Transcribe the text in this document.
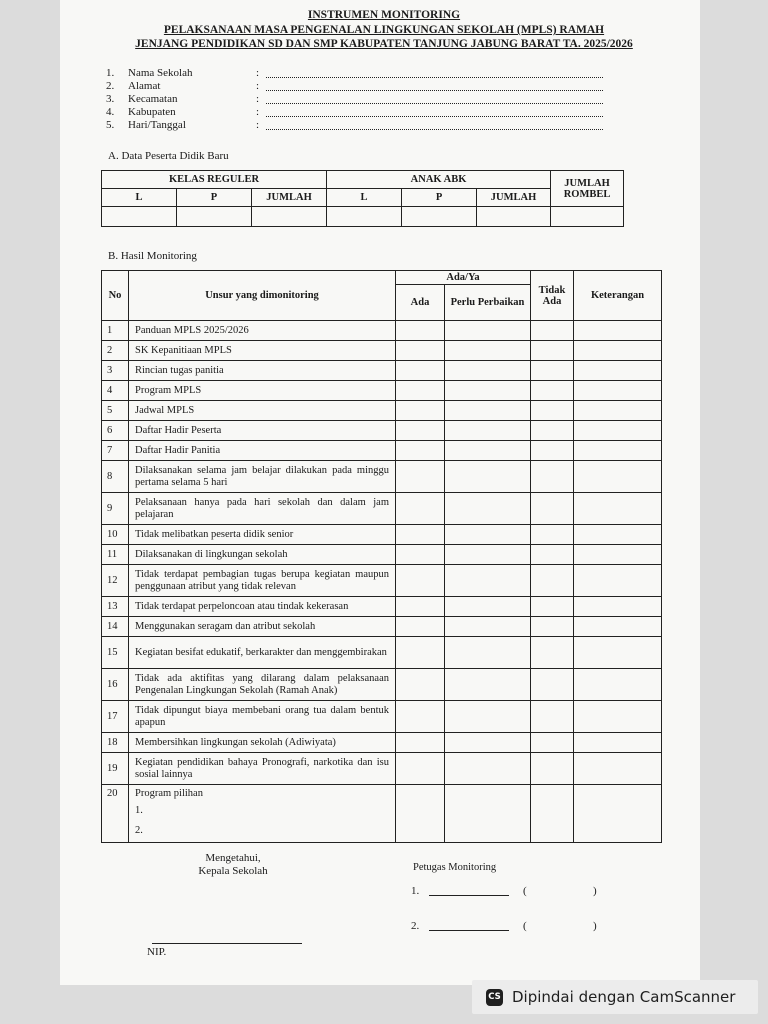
INSTRUMEN MONITORING
PELAKSANAAN MASA PENGENALAN LINGKUNGAN SEKOLAH (MPLS) RAMAH
JENJANG PENDIDIKAN SD DAN SMP KABUPATEN TANJUNG JABUNG BARAT TA. 2025/2026
1. Nama Sekolah	:
2. Alamat	:
3. Kecamatan	:
4. Kabupaten	:
5. Hari/Tanggal	:
A. Data Peserta Didik Baru
KELAS REGULER			ANAK ABK			JUMLAH ROMBEL
L	P	JUMLAH	L	P	JUMLAH	

B. Hasil Monitoring
No	Unsur yang dimonitoring	Ada/Ya		Tidak Ada	Keterangan
		Ada	Perlu Perbaikan		
1	Panduan MPLS 2025/2026				
2	SK Kepanitiaan MPLS				
3	Rincian tugas panitia				
4	Program MPLS				
5	Jadwal MPLS				
6	Daftar Hadir Peserta				
7	Daftar Hadir Panitia				
8	Dilaksanakan selama jam belajar dilakukan pada minggu pertama selama 5 hari				
9	Pelaksanaan hanya pada hari sekolah dan dalam jam pelajaran				
10	Tidak melibatkan peserta didik senior				
11	Dilaksanakan di lingkungan sekolah				
12	Tidak terdapat pembagian tugas berupa kegiatan maupun penggunaan atribut yang tidak relevan				
13	Tidak terdapat perpeloncoan atau tindak kekerasan				
14	Menggunakan seragam dan atribut sekolah				
15	Kegiatan besifat edukatif, berkarakter dan menggembirakan				
16	Tidak ada aktifitas yang dilarang dalam pelaksanaan Pengenalan Lingkungan Sekolah (Ramah Anak)				
17	Tidak dipungut biaya membebani orang tua dalam bentuk apapun				
18	Membersihkan lingkungan sekolah (Adiwiyata)				
19	Kegiatan pendidikan bahaya Pronografi, narkotika dan isu sosial lainnya				
20	Program pilihan
1.
2.				

Mengetahui,
Kepala Sekolah
NIP.
Petugas Monitoring
1.	(	)
2.	(	)
CS Dipindai dengan CamScanner
